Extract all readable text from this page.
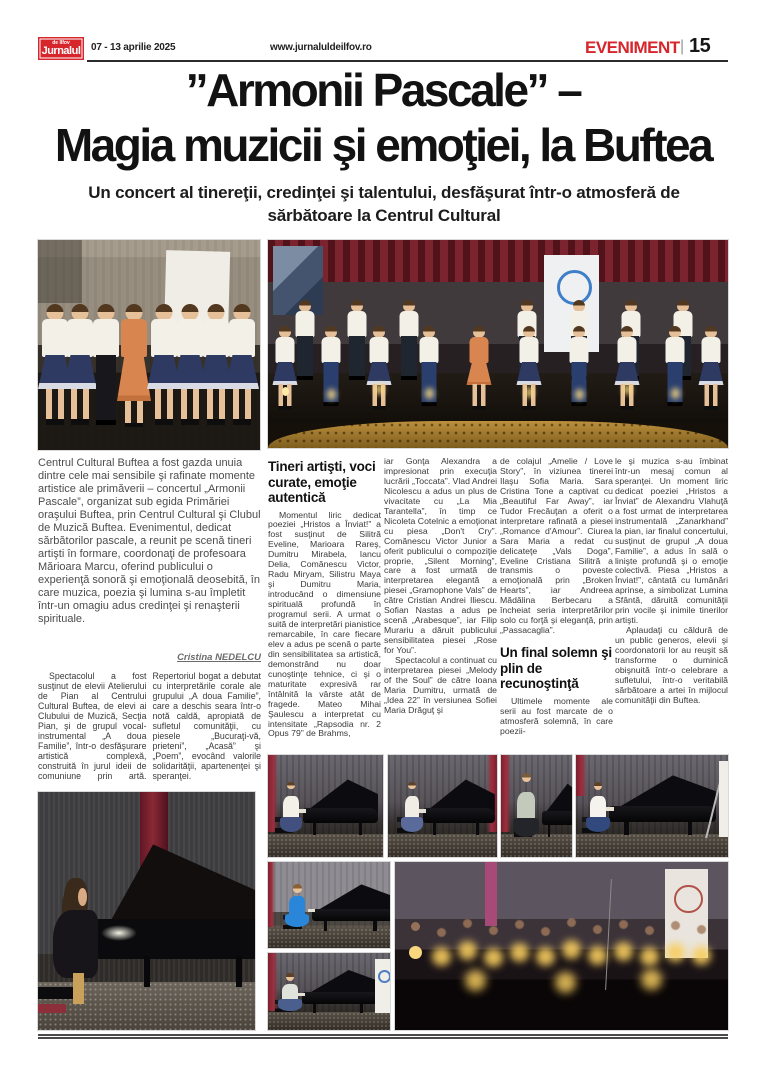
de Ilfov
Jurnalul 07 - 13 aprilie 2025	www.jurnaluldeilfov.ro	EVENIMENT | 15
”Armonii Pascale” –
Magia muzicii şi emoţiei, la Buftea
Un concert al tinereţii, credinţei şi talentului, desfăşurat într-o atmosferă de sărbătoare la Centrul Cultural
Centrul Cultural Buftea a fost gazda unuia dintre cele mai sensibile şi rafinate momente artistice ale primăverii – concertul „Armonii Pascale”, organizat sub egida Primăriei oraşului Buftea, prin Centrul Cultural şi Clubul de Muzică Buftea. Evenimentul, dedicat sărbătorilor pascale, a reunit pe scenă tineri artişti în formare, coordonaţi de profesoara Mărioara Marcu, oferind publicului o experienţă sonoră şi emoţională deosebită, în care muzica, poezia şi lumina s-au împletit într-un omagiu adus credinţei şi renaşterii spirituale.
Cristina NEDELCU

Spectacolul a fost susţinut de elevii Atelierului de Pian al Centrului Cultural Buftea, de elevi ai Clubului de Muzică, Secţia Pian, şi de grupul vocal-instrumental „A doua Familie”, într-o desfăşurare artistică complexă, construită în jurul ideii de comuniune prin artă. Repertoriul bogat a debutat cu interpretările corale ale grupului „A doua Familie”, care a deschis seara într-o notă caldă, apropiată de sufletul comunităţii, cu piesele „Bucuraţi-vă, prieteni”, „Acasă” şi „Poem”, evocând valorile solidarităţii, apartenenţei şi speranţei.

Tineri artişti, voci curate, emoţie autentică

Momentul liric dedicat poeziei „Hristos a Înviat!” a fost susţinut de Silitră Eveline, Marioara Rareş, Dumitru Mirabela, Iancu Delia, Comănescu Victor, Radu Miryam, Silistru Maya şi Dumitru Maria, introducând o dimensiune spirituală profundă în programul serii. A urmat o suită de interpretări pianistice remarcabile, în care fiecare elev a adus pe scenă o parte din sensibilitatea sa artistică, demonstrând nu doar cunoştinţe tehnice, ci şi o maturitate expresivă rar întâlnită la vârste atât de fragede. Mateo Mihai Şaulescu a interpretat cu intensitate „Rapsodia nr. 2 Opus 79” de Brahms,

iar Gonţa Alexandra a impresionat prin execuţia lucrării „Toccata”. Vlad Andrei Nicolescu a adus un plus de vivacitate cu „La Mia Tarantella”, în timp ce Nicoleta Cotelnic a emoţionat cu piesa „Don't Cry”. Comănescu Victor Junior a oferit publicului o compoziţie proprie, „Silent Morning”, care a fost urmată de interpretarea elegantă a piesei „Gramophone Vals” de către Cristian Andrei Iliescu. Sofian Nastas a adus pe scenă „Arabesque”, iar Filip Murariu a dăruit publicului sensibilitatea piesei „Rose for You”.

Spectacolul a continuat cu interpretarea piesei „Melody of the Soul” de către Ioana Maria Dumitru, urmată de „Idea 22” în versiunea Sofiei Maria Drăguţ şi

de colajul „Amelie / Love Story”, în viziunea tinerei Ilaşu Sofia Maria. Sara Cristina Tone a captivat cu „Beautiful Far Away”, iar Tudor Frecăuţan a oferit o interpretare rafinată a piesei „Romance d'Amour”. Ciurea Sara Maria a redat cu delicateţe „Vals Doga”, Eveline Cristiana Silitră a transmis o poveste emoţională prin „Broken Hearts”, iar Andreea Mădălina Berbecaru a încheiat seria interpretărilor solo cu forţă şi eleganţă, prin „Passacaglia”.

Un final solemn şi plin de recunoştinţă

Ultimele momente ale serii au fost marcate de o atmosferă solemnă, în care poezii-

le şi muzica s-au îmbinat într-un mesaj comun al speranţei. Un moment liric dedicat poeziei „Hristos a Înviat” de Alexandru Vlahuţă a fost urmat de interpretarea instrumentală „Zanarkhand” la pian, iar finalul concertului, susţinut de grupul „A doua Familie”, a adus în sală o linişte profundă şi o emoţie colectivă. Piesa „Hristos a Înviat!”, cântată cu lumânări aprinse, a simbolizat Lumina Sfântă, dăruită comunităţii prin vocile şi inimile tinerilor artişti.

Aplaudaţi cu căldură de un public generos, elevii şi coordonatorii lor au reuşit să transforme o duminică obişnuită într-o celebrare a sufletului, într-o veritabilă sărbătoare a artei în mijlocul comunităţii din Buftea.
